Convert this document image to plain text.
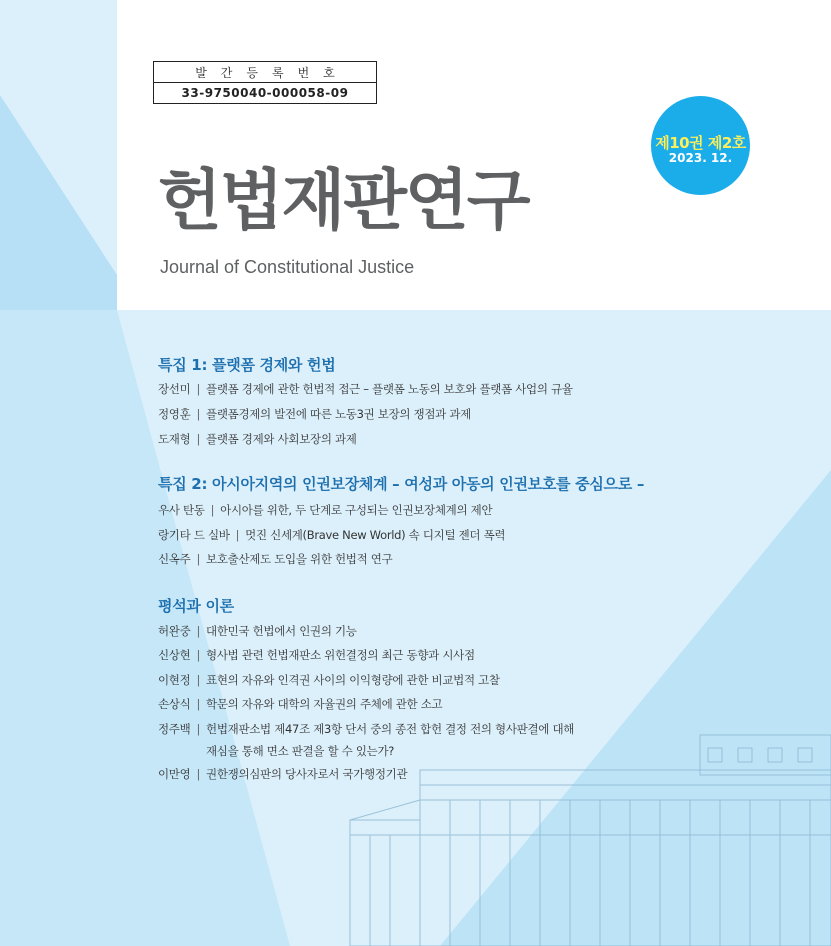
발간등록번호
33-9750040-000058-09
제10권 제2호
2023. 12.
헌법재판연구
Journal of Constitutional Justice
특집 1: 플랫폼 경제와 헌법
장선미 | 플랫폼 경제에 관한 헌법적 접근 – 플랫폼 노동의 보호와 플랫폼 사업의 규율
정영훈 | 플랫폼경제의 발전에 따른 노동3권 보장의 쟁점과 과제
도재형 | 플랫폼 경제와 사회보장의 과제
특집 2: 아시아지역의 인권보장체계 – 여성과 아동의 인권보호를 중심으로 –
우사 탄동 | 아시아를 위한, 두 단계로 구성되는 인권보장체계의 제안
랑기타 드 실바 | 멋진 신세계(Brave New World) 속 디지털 젠더 폭력
신옥주 | 보호출산제도 도입을 위한 헌법적 연구
평석과 이론
허완중 | 대한민국 헌법에서 인권의 기능
신상현 | 형사법 관련 헌법재판소 위헌결정의 최근 동향과 시사점
이현정 | 표현의 자유와 인격권 사이의 이익형량에 관한 비교법적 고찰
손상식 | 학문의 자유와 대학의 자율권의 주체에 관한 소고
정주백 | 헌법재판소법 제47조 제3항 단서 중의 종전 합헌 결정 전의 형사판결에 대해
재심을 통해 면소 판결을 할 수 있는가?
이만영 | 권한쟁의심판의 당사자로서 국가행정기관
